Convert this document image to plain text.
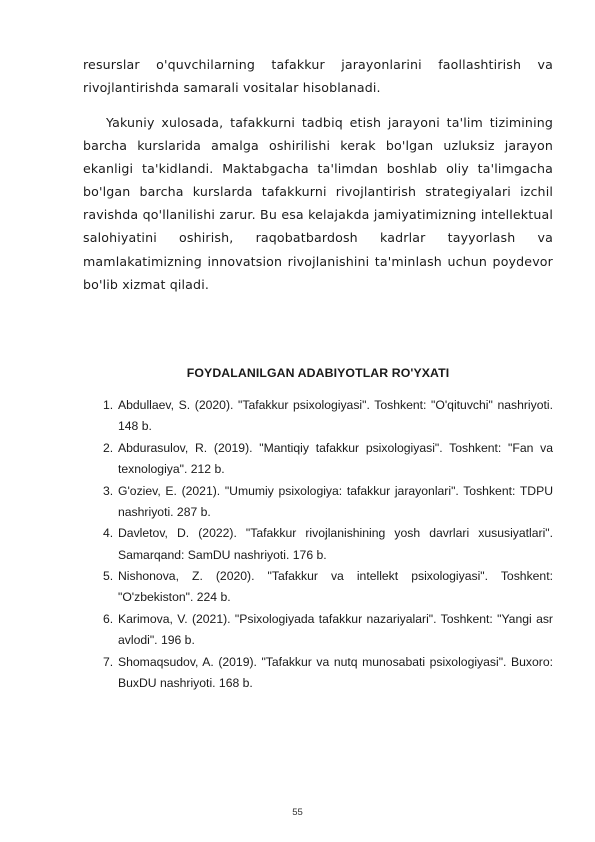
resurslar o'quvchilarning tafakkur jarayonlarini faollashtirish va rivojlantirishda samarali vositalar hisoblanadi.

Yakuniy xulosada, tafakkurni tadbiq etish jarayoni ta'lim tizimining barcha kurslarida amalga oshirilishi kerak bo'lgan uzluksiz jarayon ekanligi ta'kidlandi. Maktabgacha ta'limdan boshlab oliy ta'limgacha bo'lgan barcha kurslarda tafakkurni rivojlantirish strategiyalari izchil ravishda qo'llanilishi zarur. Bu esa kelajakda jamiyatimizning intellektual salohiyatini oshirish, raqobatbardosh kadrlar tayyorlash va mamlakatimizning innovatsion rivojlanishini ta'minlash uchun poydevor bo'lib xizmat qiladi.

FOYDALANILGAN ADABIYOTLAR RO'YXATI
1. Abdullaev, S. (2020). "Tafakkur psixologiyasi". Toshkent: "O'qituvchi" nashriyoti. 148 b.
2. Abdurasulov, R. (2019). "Mantiqiy tafakkur psixologiyasi". Toshkent: "Fan va texnologiya". 212 b.
3. G'oziev, E. (2021). "Umumiy psixologiya: tafakkur jarayonlari". Toshkent: TDPU nashriyoti. 287 b.
4. Davletov, D. (2022). "Tafakkur rivojlanishining yosh davrlari xususiyatlari". Samarqand: SamDU nashriyoti. 176 b.
5. Nishonova, Z. (2020). "Tafakkur va intellekt psixologiyasi". Toshkent: "O'zbekiston". 224 b.
6. Karimova, V. (2021). "Psixologiyada tafakkur nazariyalari". Toshkent: "Yangi asr avlodi". 196 b.
7. Shomaqsudov, A. (2019). "Tafakkur va nutq munosabati psixologiyasi". Buxoro: BuxDU nashriyoti. 168 b.
55
